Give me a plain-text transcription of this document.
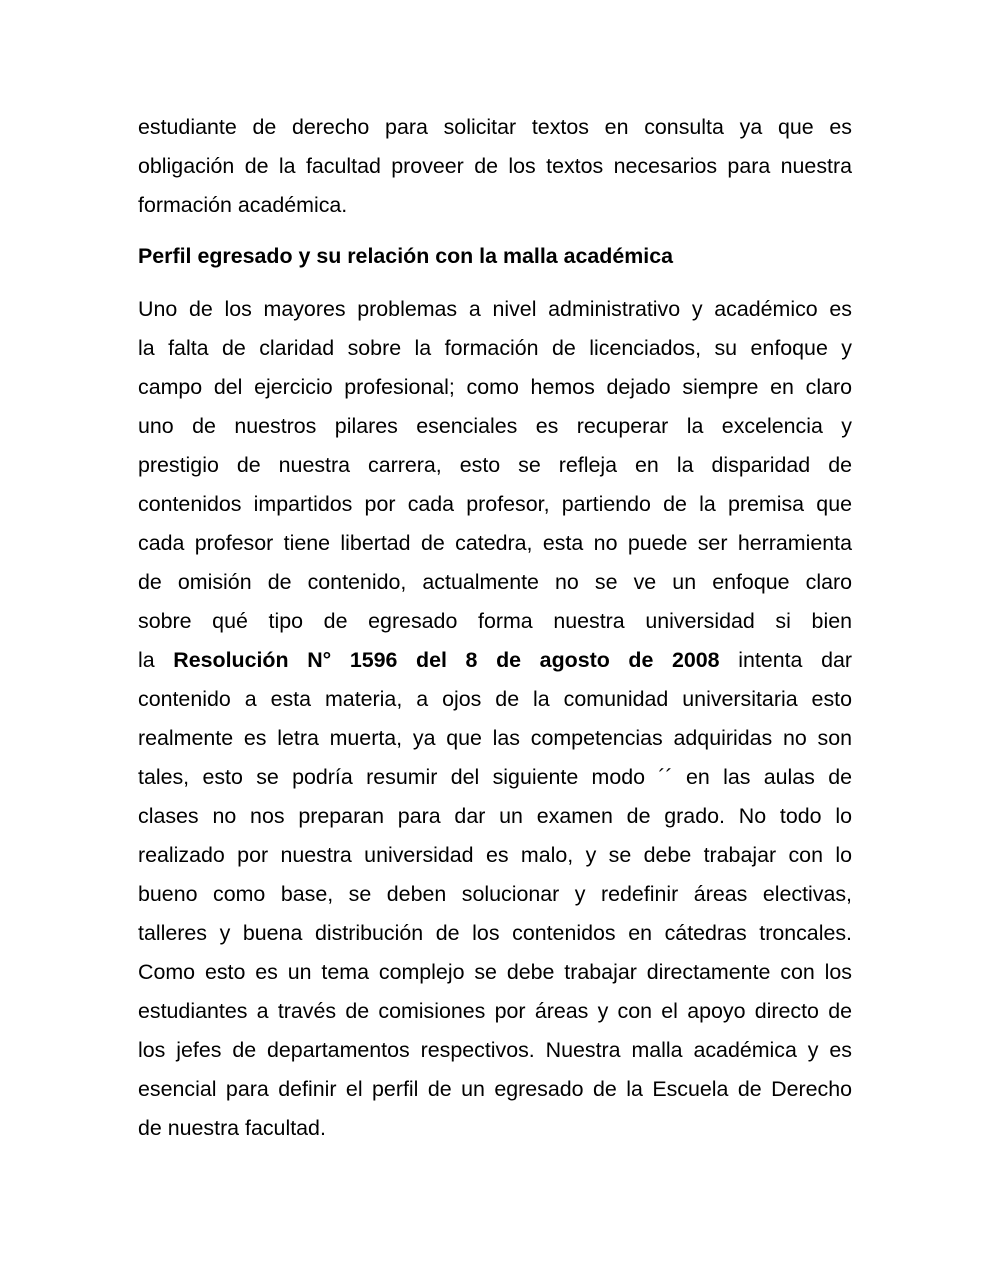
estudiante de derecho para solicitar textos en consulta ya que es
obligación de la facultad proveer de los textos necesarios para nuestra
formación académica.
Perfil egresado y su relación con la malla académica
Uno de los mayores problemas a nivel administrativo y académico es
la falta de claridad sobre la formación de licenciados, su enfoque y
campo del ejercicio profesional; como hemos dejado siempre en claro
uno de nuestros pilares esenciales es recuperar la excelencia y
prestigio de nuestra carrera, esto se refleja en la disparidad de
contenidos impartidos por cada profesor, partiendo de la premisa que
cada profesor tiene libertad de catedra, esta no puede ser herramienta
de omisión de contenido, actualmente no se ve un enfoque claro
sobre qué tipo de egresado forma nuestra universidad si bien
la Resolución N° 1596 del 8 de agosto de 2008 intenta dar
contenido a esta materia, a ojos de la comunidad universitaria esto
realmente es letra muerta, ya que las competencias adquiridas no son
tales, esto se podría resumir del siguiente modo ´´ en las aulas de
clases no nos preparan para dar un examen de grado. No todo lo
realizado por nuestra universidad es malo, y se debe trabajar con lo
bueno como base, se deben solucionar y redefinir áreas electivas,
talleres y buena distribución de los contenidos en cátedras troncales.
Como esto es un tema complejo se debe trabajar directamente con los
estudiantes a través de comisiones por áreas y con el apoyo directo de
los jefes de departamentos respectivos. Nuestra malla académica y es
esencial para definir el perfil de un egresado de la Escuela de Derecho
de nuestra facultad.
